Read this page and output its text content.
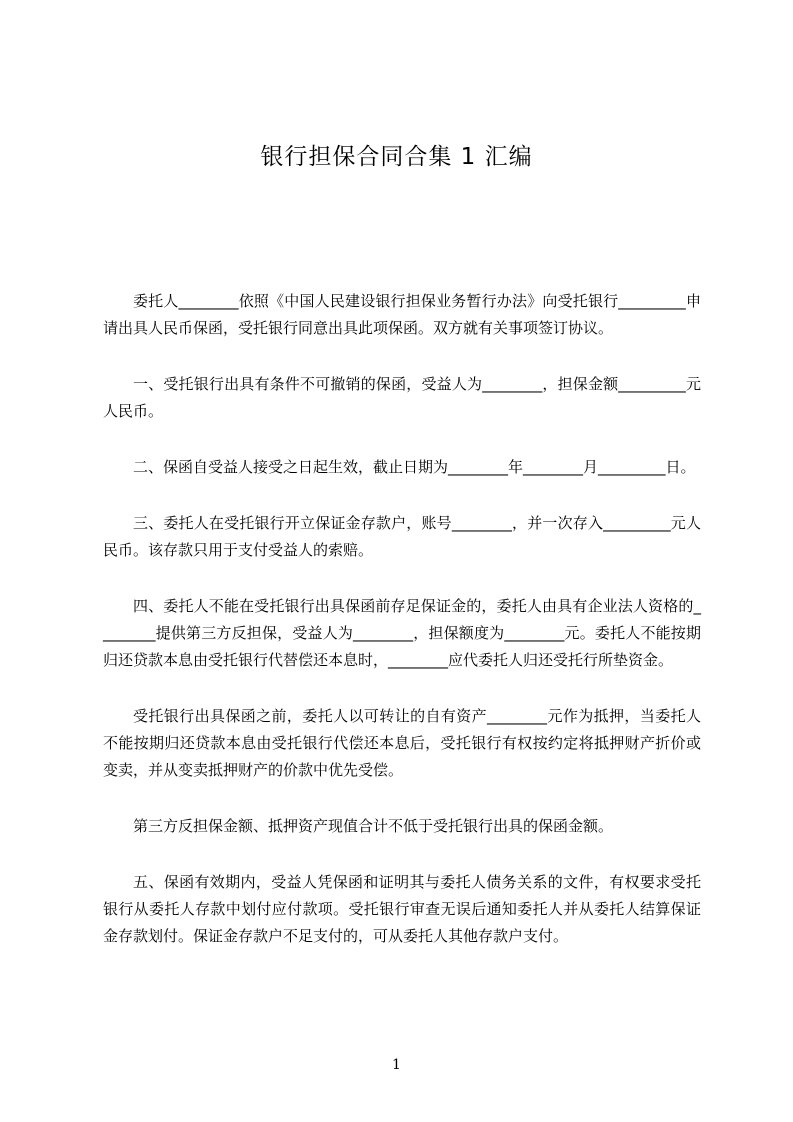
银行担保合同合集 1 汇编

委托人________依照《中国人民建设银行担保业务暂行办法》向受托银行_________申请出具人民币保函，受托银行同意出具此项保函。双方就有关事项签订协议。

一、受托银行出具有条件不可撤销的保函，受益人为________，担保金额_________元人民币。

二、保函自受益人接受之日起生效，截止日期为________年________月_________日。

三、委托人在受托银行开立保证金存款户，账号________，并一次存入_________元人民币。该存款只用于支付受益人的索赔。

四、委托人不能在受托银行出具保函前存足保证金的，委托人由具有企业法人资格的________提供第三方反担保，受益人为________，担保额度为________元。委托人不能按期归还贷款本息由受托银行代替偿还本息时，________应代委托人归还受托行所垫资金。

受托银行出具保函之前，委托人以可转让的自有资产________元作为抵押，当委托人不能按期归还贷款本息由受托银行代偿还本息后，受托银行有权按约定将抵押财产折价或变卖，并从变卖抵押财产的价款中优先受偿。

第三方反担保金额、抵押资产现值合计不低于受托银行出具的保函金额。

五、保函有效期内，受益人凭保函和证明其与委托人债务关系的文件，有权要求受托银行从委托人存款中划付应付款项。受托银行审查无误后通知委托人并从委托人结算保证金存款划付。保证金存款户不足支付的，可从委托人其他存款户支付。

1
